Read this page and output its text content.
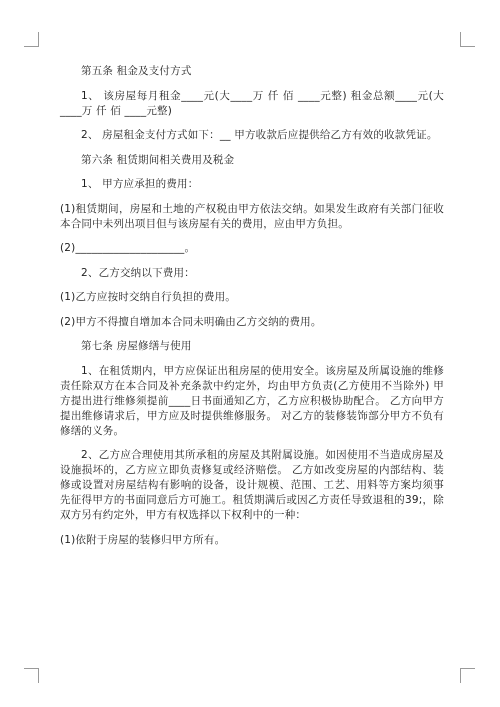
第五条 租金及支付方式

1、 该房屋每月租金____元(大____万 仟 佰 ____元整) 租金总额____元(大____万 仟 佰 ____元整)

2、 房屋租金支付方式如下：__ 甲方收款后应提供给乙方有效的收款凭证。

第六条 租赁期间相关费用及税金

1、 甲方应承担的费用：

(1)租赁期间，房屋和土地的产权税由甲方依法交纳。如果发生政府有关部门征收本合同中未列出项目但与该房屋有关的费用，应由甲方负担。

(2)____________________。

2、乙方交纳以下费用：

(1)乙方应按时交纳自行负担的费用。

(2)甲方不得擅自增加本合同未明确由乙方交纳的费用。

第七条 房屋修缮与使用

1、在租赁期内，甲方应保证出租房屋的使用安全。该房屋及所属设施的维修责任除双方在本合同及补充条款中约定外，均由甲方负责(乙方使用不当除外) 甲方提出进行维修须提前____日书面通知乙方，乙方应积极协助配合。 乙方向甲方提出维修请求后，甲方应及时提供维修服务。 对乙方的装修装饰部分甲方不负有修缮的义务。

2、乙方应合理使用其所承租的房屋及其附属设施。如因使用不当造成房屋及设施损坏的，乙方应立即负责修复或经济赔偿。 乙方如改变房屋的内部结构、装修或设置对房屋结构有影响的设备，设计规模、范围、工艺、用料等方案均须事先征得甲方的书面同意后方可施工。租赁期满后或因乙方责任导致退租的39;，除双方另有约定外，甲方有权选择以下权利中的一种：

(1)依附于房屋的装修归甲方所有。
